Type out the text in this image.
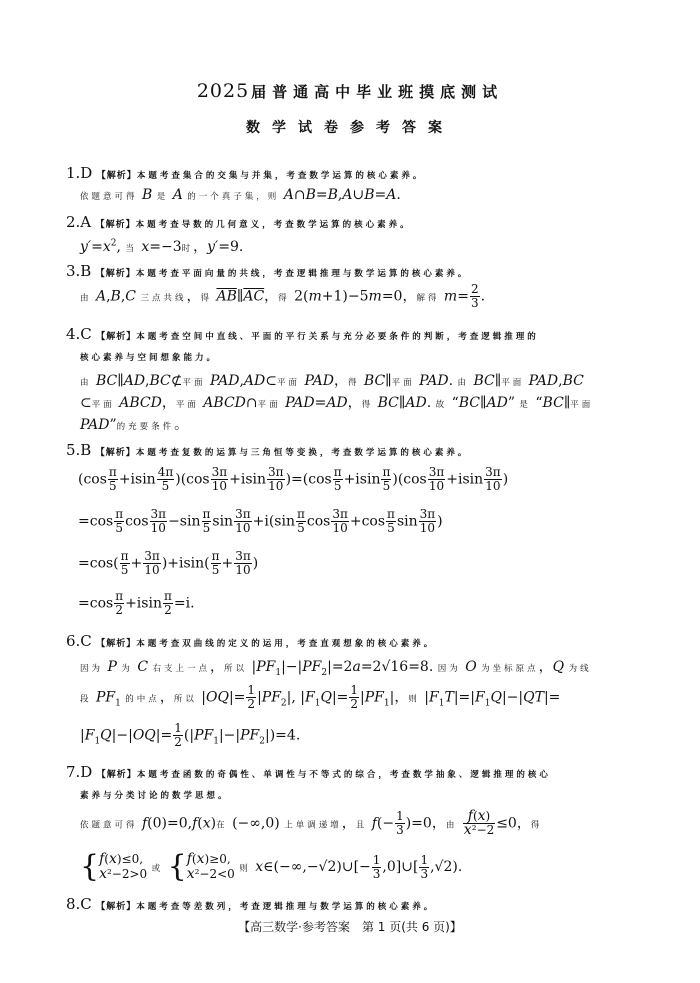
2025 届普通高中毕业班摸底测试
数学试卷参考答案
1.D 【解析】本题考查集合的交集与并集，考查数学运算的核心素养。
依题意可得 B 是 A 的一个真子集，则 A∩B=B,A∪B=A.
2.A 【解析】本题考查导数的几何意义，考查数学运算的核心素养。
$y'=x^2$, 当 x=−3时，y′=9.
3.B 【解析】本题考查平面向量的共线，考查逻辑推理与数学运算的核心素养。
由 A,B,C 三点共线，得 $\overline{AB}\parallel\overline{AC}$，得 2(m+1)−5m=0，解得 $m= \frac{2}{3}$ .
4.C 【解析】本题考查空间中直线、平面的平行关系与充分必要条件的判断，考查逻辑推理的
核心素养与空间想象能力。
由 BC∥AD,BC⊄平面 PAD,AD⊂平面 PAD，得 BC∥平面 PAD. 由 BC∥平面 PAD,BC
⊂平面 ABCD，平面 ABCD∩平面 PAD=AD，得 BC∥AD. 故 “BC∥AD” 是 “BC∥平面
PAD”的充要条件。
5.B 【解析】本题考查复数的运算与三角恒等变换，考查数学运算的核心素养。
$(\cos \frac{\pi}{5} +isin \frac{4\pi}{5} )(\cos \frac{3\pi}{10} +isin \frac{3\pi}{10} )=(\cos \frac{\pi}{5} +isin \frac{\pi}{5} )(\cos \frac{3\pi}{10} +isin \frac{3\pi}{10}$ )
$=\cos \frac{\pi}{5}$ $\cos \frac{3\pi}{10} -\sin \frac{\pi}{5}$ $\sin \frac{3\pi}{10} +i(\sin \frac{\pi}{5}$ $\cos \frac{3\pi}{10} +\cos \frac{\pi}{5}$ $\sin \frac{3\pi}{10}$ )
$=\cos( \frac{\pi}{5} + \frac{3\pi}{10} )+isin( \frac{\pi}{5} + \frac{3\pi}{10}$ )
$=\cos \frac{\pi}{2} +isin \frac{\pi}{2} =i$.
6.C 【解析】本题考查双曲线的定义的运用，考查直观想象的核心素养。
因为 P 为 C 右支上一点，所以 $|PF_1|-|PF_2|=2a=2√16=8$. 因为 O 为坐标原点，Q 为线
段 $PF_1$ 的中点，所以 $|OQ|= \frac{1}{2} |PF_2|$, $|F_1Q|= \frac{1}{2} |PF_1|$，则 $|F_1T|=|F_1Q|-|QT|=$
$|F_1Q|-|OQ|= \frac{1}{2} (|PF_1|-|PF_2|)=4$.
7.D 【解析】本题考查函数的奇偶性、单调性与不等式的综合，考查数学抽象、逻辑推理的核心
素养与分类讨论的数学思想。
依题意可得 f(0)=0,f(x)在 (−∞,0) 上单调递增，且 $f(- \frac{1}{3} )=0$，由 $\frac{f(x)}{\text{x²−2}} \le 0$，得
{f(x)≤0,
x²−2>0 或 {f(x)≥0,
x²−2<0 则 x∈(−∞,−√2)∪[− $\frac{1}{3}$ ,0]∪[ $\frac{1}{3} ,√2$).
8.C 【解析】本题考查等差数列，考查逻辑推理与数学运算的核心素养。
【高三数学·参考答案　第 1 页(共 6 页)】
